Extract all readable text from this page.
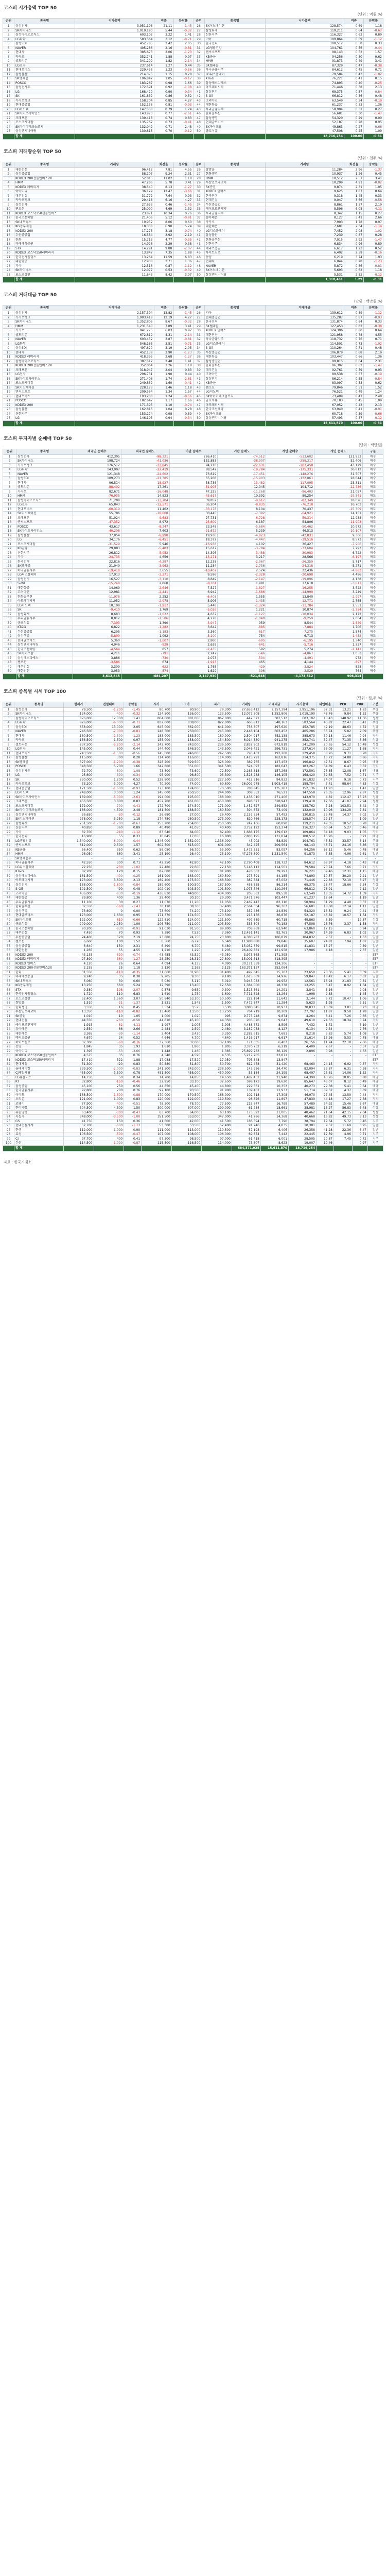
코스피 시가총액 TOP 50
(단위 : 억원,%)
순위	종목명	시가총액	비중	등락률	순위	종목명	시가총액	비중	등락률
1	삼성전자	3,951,196	21.11	-1.45	26	SK이노베이션	128,574	0.69	1.18
2	SK하이닉스	1,019,190	5.44	-0.32	27	삼성화재	119,211	0.64	-0.67
3	삼성바이오로직스	603,102	3.22	1.41	28	신한지주	116,327	0.62	0.89
4	LG화학	583,564	3.12	-0.71	29	기아	109,864	0.59	-1.12
5	삼성SDI	452,785	2.42	2.05	30	한국전력	108,512	0.58	0.33
6	NAVER	405,286	2.16	-0.81	31	LG생활건강	104,761	0.56	-0.44
7	현대차	385,673	2.06	-1.23	32	엔씨소프트	98,143	0.52	1.57
8	카카오	352,741	1.88	0.97	33	KB금융	94,256	0.50	0.62
9	셀트리온	341,209	1.82	-2.14	34	HMM	91,873	0.49	3.41
10	LG전자	237,614	1.27	0.44	35	SK텔레콤	87,329	0.47	-0.38
11	현대모비스	229,458	1.23	-0.56	36	하나금융지주	84,612	0.45	0.71
12	삼성물산	214,375	1.15	0.28	37	LG디스플레이	79,584	0.43	-1.02
13	SK텔레콤	196,842	1.05	-0.17	38	KT&G	76,221	0.41	0.15
14	POSCO	183,267	0.98	1.66	39	삼성에스디에스	74,893	0.40	-0.25
15	삼성전자우	172,591	0.92	-1.08	40	아모레퍼시픽	71,446	0.38	2.13
16	LG	168,420	0.90	-0.34	41	삼성전기	69,375	0.37	-0.84
17	SK	161,832	0.86	0.52	42	S-Oil	66,812	0.36	0.48
18	카카오뱅크	158,704	0.85	4.27	43	고려아연	63,549	0.34	-0.19
19	현대중공업	152,136	0.81	-0.93	44	대한항공	61,237	0.33	1.36
20	LG이노텍	147,558	0.79	1.24	45	우리금융지주	58,904	0.31	0.27
21	SK바이오사이언스	143,970	0.77	-2.61	46	한화솔루션	56,681	0.30	-1.47
22	크래프톤	139,418	0.74	0.83	47	삼성생명	54,320	0.29	0.00
23	포스코케미칼	135,762	0.73	-0.41	48	현대글로비스	52,187	0.28	0.95
24	SK아이이테크놀로지	132,049	0.71	2.48	49	SK바이오팜	49,863	0.27	-0.66
25	삼성엔지니어링	130,815	0.70	-0.12	50	금호석유	47,508	0.25	1.09
	합 계						18,716,254	100.00	-0.31
코스피 거래량순위 TOP 50
(단위 : 천주,%)
순위	종목명	거래량	회전율	등락률	순위	종목명	거래량	회전율	등락률
1	대한전선	96,412	7.81	4.55	26	쌍방울	11,284	2.96	-1.37
2	삼성중공업	58,207	9.24	2.31	27	한화생명	10,937	1.26	0.45
3	KODEX 200선물인버스2X	52,815	11.02	1.18	28	HMM	10,512	2.57	3.41
4	HMM	47,266	5.78	3.41	29	두산인프라코어	10,209	4.91	-0.82
5	KODEX 레버리지	38,540	8.13	-1.27	30	SK증권	9,874	2.31	1.05
6	이아이디	36,129	12.47	-3.66	31	KODEX 인버스	9,625	1.87	0.64
7	대우건설	31,772	7.64	0.93	32	한국전력	9,318	1.45	0.33
8	카카오뱅크	29,418	6.16	4.27	33	현대건설	9,047	3.66	-0.58
9	삼성전자	27,653	0.46	-1.45	34	두산중공업	8,861	1.57	2.19
10	팬오션	25,090	4.69	1.52	35	에이프로젠제약	8,596	6.05	-4.11
11	KODEX 코스닥150선물인버스	23,871	10.34	0.76	36	우리금융지주	8,342	1.15	0.27
12	한국조선해양	21,406	5.12	-0.91	37	흥아해운	8,127	3.41	2.66
13	SK네트웍스	19,952	8.06	0.60	38	카카오	7,903	1.78	0.97
14	KG동부제철	18,338	6.90	5.24	39	대한해운	7,681	2.34	-1.14
15	KODEX 200	17,275	3.18	-0.74	40	LG디스플레이	7,452	2.08	-1.02
16	두산중공업	16,584	3.92	2.19	41	삼성물산	7,239	0.87	0.28
17	한화	15,713	4.77	-0.35	42	한화솔루션	7,015	2.92	-1.47
18	미래에셋증권	14,926	2.29	0.38	43	신한지주	6,834	0.96	0.89
19	STX	14,291	9.88	-2.07	44	메리츠증권	6,617	1.23	0.52
20	KODEX 코스닥150레버리지	13,847	7.35	1.88	45	하이트진로	6,402	2.59	-0.16
21	한국전자홀딩스	13,264	11.59	6.83	46	동양	6,219	3.74	1.93
22	대한항공	12,908	3.71	1.36	47	현대차	6,044	0.28	-1.23
23	기아	12,516	0.87	-1.12	48	NAVER	5,872	0.36	-0.81
24	SK하이닉스	12,077	0.53	-0.32	49	SK이노베이션	5,693	0.62	1.18
25	포스코강판	11,643	8.42	3.07	50	삼성엔지니어링	5,531	2.82	-0.12
	합 계						1,318,461	1.29	-0.31
코스피 거래대금 TOP 50
(단위 : 백만원,%)
순위	종목명	거래대금	비중	등락률	순위	종목명	거래대금	비중	등락률
1	삼성전자	2,157,394	13.82	-1.45	26	기아	139,612	0.89	-1.12
2	카카오뱅크	1,903,418	12.19	4.27	27	현대중공업	135,287	0.87	-0.93
3	SK하이닉스	1,352,806	8.67	-0.32	28	한국전력	131,874	0.84	0.33
4	HMM	1,231,540	7.89	3.41	29	SK텔레콤	127,453	0.82	-0.38
5	카카오	941,275	6.03	0.97	30	KODEX 인버스	124,306	0.80	0.64
6	셀트리온	672,819	4.31	-2.14	31	대한전선	121,958	0.78	4.55
7	NAVER	603,452	3.87	-0.81	32	하나금융지주	118,732	0.76	0.71
8	LG화학	548,163	3.51	-0.71	33	LG디스플레이	114,501	0.73	-1.02
9	삼성SDI	497,620	3.19	2.05	34	S-Oil	110,264	0.71	0.48
10	현대차	452,138	2.90	-1.23	35	두산중공업	106,879	0.68	2.19
11	KODEX 레버리지	418,395	2.68	-1.27	36	대한항공	103,447	0.66	1.36
12	삼성바이오로직스	387,512	2.48	1.41	37	삼성중공업	99,815	0.64	2.31
13	KODEX 200선물인버스2X	352,064	2.26	1.18	38	한화솔루션	96,302	0.62	-1.47
14	크래프톤	318,947	2.04	0.83	39	대우건설	92,761	0.59	0.93
15	LG전자	296,731	1.90	0.44	40	고려아연	89,538	0.57	-0.19
16	SK바이오사이언스	271,406	1.74	-2.61	41	삼성전기	86,214	0.55	-0.84
17	포스코케미칼	249,852	1.60	-0.41	42	KB금융	83,097	0.53	0.62
18	SK이노베이션	228,173	1.46	1.18	43	팬오션	79,846	0.51	1.52
19	엔씨소프트	209,564	1.34	1.57	44	LG이노텍	76,521	0.49	1.24
20	현대모비스	193,208	1.24	-0.56	45	SK아이이테크놀로지	73,409	0.47	2.48
21	POSCO	182,647	1.17	1.66	46	금호석유	70,183	0.45	1.09
22	KODEX 200	171,395	1.10	-0.74	47	아모레퍼시픽	67,052	0.43	2.13
23	삼성물산	162,816	1.04	0.28	48	한국조선해양	63,940	0.41	-0.91
24	신한지주	153,274	0.98	0.89	49	SK바이오팜	60,718	0.39	-0.66
25	LG	146,105	0.94	-0.34	50	삼성엔지니어링	57,493	0.37	-0.12
	합 계						15,611,870	100.00	-0.31
코스피 투자자별 순매매 TOP 50
(단위 : 백만원)
순위	종목명	외국인 순매수	외국인 순매도	기관 순매수	기관 순매도	개인 순매수	개인 순매도	구분
1	삼성전자	412,305	-98,221	286,410	-74,512	-513,602	121,933	매수
2	SK하이닉스	198,724	-41,036	152,883	-38,907	-259,317	52,406	매수
3	카카오뱅크	176,512	-33,845	94,216	-22,631	-203,458	43,129	매수
4	LG화학	143,907	-27,419	88,542	-19,784	-175,331	36,812	매수
5	NAVER	121,348	-24,602	73,619	-17,451	-148,276	31,507	매수
6	삼성SDI	109,273	-21,385	65,208	-15,903	-132,861	28,644	매수
7	현대차	96,514	-18,927	58,736	-13,482	-117,095	25,311	매수
8	셀트리온	-88,402	17,261	-51,903	12,045	104,712	-22,736	매도
9	카카오	82,671	-16,048	47,325	-11,268	-96,403	21,087	매수
10	HMM	-76,935	14,823	-43,617	10,392	89,254	-19,541	매도
11	삼성바이오로직스	71,208	-13,704	39,852	-9,617	-82,349	18,026	매수
12	LG전자	65,843	-12,571	36,204	-8,835	-76,218	16,703	매수
13	현대모비스	-60,319	11,462	-33,178	8,104	70,437	-15,309	매도
14	SK이노베이션	55,786	-10,608	30,445	-7,392	-64,921	14,151	매수
15	크래프톤	51,024	-9,683	27,731	-6,728	-59,314	12,938	매수
16	엔씨소프트	-47,352	8,972	-25,609	6,187	54,806	-11,903	매도
17	POSCO	43,617	-8,247	23,548	-5,684	-50,462	10,972	매수
18	SK바이오사이언스	-40,208	7,603	-21,672	5,239	46,513	-10,107	매도
19	삼성물산	37,054	-6,998	19,936	-4,823	-42,831	9,306	매수
20	LG	34,176	-6,451	18,372	-4,447	-39,516	8,573	매수
21	포스코케미칼	-31,529	5,946	-16,938	4,102	36,427	-7,906	매도
22	KB금융	29,083	-5,483	15,617	-3,784	-33,604	7,293	매수
23	신한지주	26,812	-5,052	14,396	-3,488	-30,983	6,722	매수
24	기아	-24,735	4,659	-13,271	3,217	28,566	-6,197	매도
25	한국전력	22,816	-4,297	12,238	-2,967	-26,359	5,717	매수
26	SK텔레콤	21,049	-3,963	11,284	-2,736	-24,318	5,271	매수
27	하나금융지주	-19,418	3,655	-10,407	2,524	22,436	-4,863	매도
28	LG디스플레이	17,913	-3,371	9,596	-2,328	-20,698	4,486	매수
29	삼성전기	16,527	-3,110	8,849	-2,147	-19,096	4,138	매수
30	S-Oil	-15,248	2,868	-8,161	1,981	17,618	-3,817	매도
31	대한항공	14,069	-2,646	7,527	-1,827	-16,255	3,522	매수
32	고려아연	12,981	-2,441	6,942	-1,686	-14,999	3,249	매수
33	한화솔루션	-11,978	2,252	-6,403	1,555	13,840	-2,997	매도
34	아모레퍼시픽	11,052	-2,078	5,906	-1,435	-12,771	2,765	매수
35	LG이노텍	10,198	-1,917	5,448	-1,324	-11,784	2,551	매수
36	SK	-9,410	1,769	-5,026	1,221	10,874	-2,354	매도
37	삼성화재	8,683	-1,632	4,637	-1,127	-10,034	2,172	매수
38	우리금융지주	8,012	-1,506	4,278	-1,040	-9,259	2,004	매수
39	금호석유	-7,393	1,390	-3,947	959	8,544	-1,849	매도
40	KT&G	6,822	-1,282	3,642	-885	-7,884	1,706	매수
41	두산중공업	6,295	-1,183	3,360	-817	-7,275	1,574	매수
42	삼성생명	-5,809	1,092	-3,100	754	6,713	-1,452	매도
43	현대글로비스	5,360	-1,007	2,860	-695	-6,195	1,340	매수
44	삼성엔지니어링	4,946	-929	2,639	-641	-5,716	1,237	매수
45	한국조선해양	-4,564	857	-2,435	592	5,274	-1,141	매도
46	SK바이오팜	4,211	-791	2,247	-546	-4,867	1,053	매수
47	삼성에스디에스	3,886	-730	2,073	-504	-4,491	972	매수
48	팬오션	-3,586	674	-1,913	465	4,144	-897	매도
49	대우건설	3,309	-622	1,765	-429	-3,824	828	매수
50	대한전선	3,053	-574	1,629	-396	-3,529	764	매수
	합 계	3,612,845	-684,207	2,147,930	-521,648	-4,173,512	906,314	
코스피 종목별 시세 TOP 100
(단위 : 원,주,%)
순위	종목명	현재가	전일대비	등락률	시가	고가	저가	거래량	거래대금	시가총액	외인비율	PER	PBR	구분
1	삼성전자	79,500	-1,200	-1.45	80,700	80,900	79,300	27,653,412	2,157,394	3,951,196	52.31	13.21	1.83	우량
2	SK하이닉스	124,000	-400	-0.32	124,500	126,000	123,500	12,077,308	1,352,806	1,019,190	48.76	9.84	1.52	우량
3	삼성바이오로직스	876,000	12,000	1.41	864,000	881,000	862,000	442,371	387,512	603,102	10.43	148.92	11.36	성장
4	LG화학	826,000	-6,000	-0.71	832,000	838,000	822,000	663,812	548,163	583,564	45.82	22.47	3.41	우량
5	삼성SDI	658,000	13,000	2.05	645,000	662,000	641,000	756,307	497,620	452,785	42.19	48.63	4.72	성장
6	NAVER	246,500	-2,000	-0.81	248,500	250,000	245,000	2,448,104	603,452	405,286	56.74	5.82	2.09	우량
7	현대차	180,500	-2,500	-1.23	183,000	183,500	180,000	2,504,917	452,138	385,673	30.18	11.46	0.94	가치
8	카카오	156,500	1,500	0.97	155,000	158,000	154,500	6,014,530	941,275	352,741	32.47	71.35	5.36	성장
9	셀트리온	237,500	-5,200	-2.14	242,700	243,000	236,500	2,832,902	672,819	341,209	20.65	54.12	10.48	성장
10	LG전자	145,000	600	0.44	144,400	146,500	143,500	2,046,421	296,731	237,614	33.09	11.27	1.68	가치
11	현대모비스	243,500	-1,500	-0.56	245,000	246,000	242,500	793,462	193,208	229,458	38.26	9.71	0.78	가치
12	삼성물산	115,000	300	0.28	114,700	116,000	114,000	1,415,791	162,816	214,375	13.72	14.88	0.86	가치
13	SK텔레콤	327,000	-1,200	-0.38	328,200	329,500	326,000	389,765	127,453	196,842	47.51	8.67	0.95	배당
14	POSCO	348,500	5,700	1.66	342,800	351,000	341,500	524,097	182,647	183,267	54.89	6.43	0.62	가치
15	삼성전자우	72,700	-800	-1.08	73,500	73,600	72,500	2,163,318	157,268	172,591	76.85	12.08	1.67	배당
16	LG	95,600	-300	-0.34	95,900	96,800	95,300	1,528,288	146,105	168,420	32.63	7.52	0.71	지주
17	SK	230,000	1,200	0.52	228,800	232,000	227,500	412,316	94,832	161,832	24.07	9.18	0.73	지주
18	카카오뱅크	73,200	3,000	4.27	70,200	74,000	69,800	26,002,978	1,903,418	158,704	7.41	98.64	4.83	성장
19	현대중공업	171,500	-1,600	-0.93	173,100	174,000	170,500	788,845	135,287	152,136	11.93	-	1.41	일반
20	LG이노텍	248,000	3,000	1.24	245,000	250,500	244,000	308,552	76,521	147,558	26.35	12.96	2.87	성장
21	SK바이오사이언스	189,000	-5,000	-2.61	194,000	195,000	188,000	1,436,010	271,406	143,970	4.82	112.47	15.23	성장
22	크래프톤	456,500	3,800	0.83	452,700	461,000	450,000	698,677	318,947	139,418	12.56	41.07	7.94	성장
23	포스코케미칼	172,000	-700	-0.41	172,700	174,500	171,000	1,452,627	249,852	135,762	7.28	103.51	6.42	성장
24	SK아이이테크놀로지	186,000	4,500	2.48	181,500	188,500	180,500	394,672	73,409	132,049	10.96	134.28	7.81	성장
25	삼성엔지니어링	26,650	-30	-0.12	26,680	27,000	26,400	2,157,334	57,493	130,815	25.48	14.37	3.02	일반
26	SK이노베이션	278,000	3,250	1.18	274,750	280,500	273,000	820,766	228,173	128,574	22.17	-	1.09	일반
27	삼성화재	251,500	-1,700	-0.67	253,200	254,000	250,500	242,106	60,890	119,211	49.35	10.52	0.78	배당
28	신한지주	40,850	360	0.89	40,490	41,050	40,400	3,752,122	153,274	116,327	60.64	5.27	0.46	배당
29	기아	82,700	-940	-1.12	83,640	84,000	82,400	1,688,175	139,612	109,864	34.18	9.03	1.05	가치
30	한국전력	16,900	55	0.33	16,845	17,050	16,800	7,803,195	131,874	108,512	15.26	-	0.21	배당
31	LG생활건강	1,340,000	-6,000	-0.44	1,346,000	1,352,000	1,336,000	43,902	58,829	104,761	45.52	33.57	6.14	우량
32	엔씨소프트	612,000	9,500	1.57	602,500	615,000	601,000	342,425	209,564	98,143	46.71	24.16	3.86	성장
33	KB금융	56,400	350	0.62	56,050	56,700	55,900	1,473,351	83,097	94,256	67.12	5.46	0.48	배당
34	HMM	26,050	860	3.41	25,190	26,400	25,100	47,276,390	1,231,540	91,873	7.85	4.96	2.61	일반
35	SK텔레콤우	-	-	-	-	-	-	-	-	-	-	-	-	-
36	하나금융지주	42,550	300	0.71	42,250	42,800	42,100	2,790,408	118,732	84,612	68.97	4.18	0.43	배당
37	LG디스플레이	22,250	-230	-1.02	22,480	22,600	22,150	5,146,112	114,501	79,584	20.74	7.66	0.71	가치
38	KT&G	82,200	120	0.15	82,080	82,600	81,900	478,062	39,297	76,221	39.46	12.31	1.15	배당
39	삼성에스디에스	161,500	-400	-0.25	161,900	163,000	160,500	273,591	44,185	74,893	10.57	30.29	2.21	일반
40	아모레퍼시픽	173,000	3,600	2.13	169,400	175,500	168,500	387,584	67,052	71,446	29.83	72.19	3.27	성장
41	삼성전기	188,000	-1,600	-0.84	189,600	190,500	187,500	458,585	86,214	69,375	28.47	18.66	2.34	성장
42	S-Oil	102,500	490	0.48	102,010	103,500	101,500	1,075,746	110,264	66,812	78.91	-	2.12	일반
43	고려아연	436,000	-830	-0.19	436,830	440,000	434,000	205,362	89,538	63,549	18.35	14.72	1.39	가치
44	대한항공	29,800	400	1.36	29,400	30,100	29,300	3,471,376	103,447	61,237	12.64	-	1.19	일반
45	우리금융지주	11,100	30	0.27	11,070	11,200	11,050	7,487,447	83,110	58,904	31.29	4.48	0.37	배당
46	한화솔루션	37,550	-560	-1.47	38,110	38,300	37,400	2,564,634	96,302	56,681	18.68	12.14	1.11	일반
47	삼성생명	73,600	0	0.00	73,600	74,200	73,100	337,486	24,839	54,320	13.52	9.24	0.41	배당
48	현대글로비스	173,000	1,630	0.95	171,370	174,500	170,500	213,156	36,876	52,187	46.82	10.57	1.54	가치
49	SK바이오팜	122,000	-810	-0.66	122,810	124,000	121,500	497,689	60,718	49,863	6.59	-	12.87	성장
50	금호석유	209,000	2,250	1.09	206,750	211,000	205,500	335,804	70,183	47,508	28.76	3.37	1.58	가치
51	한국조선해양	90,200	-830	-0.91	91,030	91,500	89,800	708,869	63,940	63,860	17.15	-	0.94	일반
52	대우건설	7,450	70	0.93	7,380	7,520	7,360	12,451,141	92,761	30,967	14.59	6.83	1.02	일반
53	두산중공업	24,400	520	2.19	23,880	24,750	23,800	4,380,287	106,879	104,832	9.57	-	1.63	일반
54	팬오션	6,660	100	1.52	6,560	6,720	6,540	11,988,888	79,846	35,607	24.81	7.94	1.07	일반
55	삼성중공업	6,640	150	2.31	6,490	6,700	6,480	15,032,379	99,815	41,831	15.27	-	0.89	일반
56	대한전선	1,265	55	4.55	1,210	1,290	1,205	96,409,881	121,958	17,986	4.18	-	2.37	일반
57	KODEX 200	43,135	-320	-0.74	43,455	43,520	43,050	3,973,565	171,395	-	-	-	-	ETF
58	KODEX 레버리지	27,890	-360	-1.27	28,250	28,310	27,800	15,001,613	418,395	-	-	-	-	ETF
59	KODEX 인버스	4,120	26	0.64	4,094	4,135	4,090	30,171,359	124,306	-	-	-	-	ETF
60	KODEX 200선물인버스2X	2,155	25	1.18	2,130	2,165	2,125	163,371,137	352,064	-	-	-	-	ETF
61	한화	31,550	-110	-0.35	31,660	31,900	31,400	497,845	15,707	23,650	20.36	5.41	0.39	지주
62	미래에셋증권	9,240	35	0.38	9,205	9,300	9,180	1,615,369	14,926	59,847	18.42	6.17	0.62	일반
63	SK네트웍스	5,060	30	0.60	5,030	5,110	5,010	3,943,083	19,952	12,561	16.94	21.83	0.81	일반
64	KG동부제철	13,250	660	5.24	12,590	13,400	12,550	1,384,000	18,338	13,255	5.47	8.92	1.34	일반
65	STX	9,380	-198	-2.07	9,578	9,650	9,300	1,523,561	14,291	3,841	3.16	-	2.08	일반
66	한국전자홀딩스	1,720	110	6.83	1,610	1,750	1,600	7,711,628	13,264	1,998	2.83	-	1.45	일반
67	포스코강판	52,400	1,560	3.07	50,840	53,100	50,500	222,194	11,643	3,144	6.72	10.47	1.06	일반
68	쌍방울	1,510	-21	-1.37	1,531	1,545	1,500	7,472,847	11,284	5,623	1.95	-	2.51	일반
69	한화생명	3,550	16	0.45	3,534	3,575	3,530	3,080,845	10,937	30,833	13.69	3.81	0.23	배당
70	두산인프라코어	13,350	-110	-0.82	13,460	13,500	13,250	764,719	10,209	27,792	11.87	9.58	1.28	일반
71	SK증권	1,010	10	1.05	1,000	1,020	995	9,775,248	9,874	4,264	8.41	7.26	0.66	일반
72	현대건설	44,550	-260	-0.58	44,810	45,100	44,350	203,076	9,047	49,610	24.53	18.34	0.74	가치
73	에이프로젠제약	1,915	-82	-4.11	1,997	2,005	1,905	4,488,772	8,596	7,432	1.72	-	3.19	일반
74	흥아해운	2,550	66	2.66	2,484	2,590	2,480	3,187,058	8,127	6,134	2.34	-	2.76	일반
75	대한해운	3,365	-39	-1.14	3,404	3,420	3,350	2,282,615	7,681	8,218	5.83	5.74	1.08	일반
76	메리츠증권	4,670	24	0.52	4,646	4,700	4,640	1,416,917	6,617	31,614	15.26	5.53	0.78	배당
77	하이트진로	37,300	-60	-0.16	37,360	37,600	37,100	171,635	6,402	26,156	11.74	22.18	2.06	배당
78	동양	1,845	35	1.93	1,810	1,860	1,805	3,370,732	6,219	4,409	2.67	-	0.57	일반
79	이아이디	1,395	-53	-3.66	1,448	1,460	1,385	25,899,283	36,129	2,896	0.98	-	4.63	일반
80	KODEX 코스닥150선물인버스	4,575	35	0.76	4,540	4,590	4,535	5,217,705	23,871	-	-	-	-	ETF
81	KODEX 코스닥150레버리지	17,410	322	1.88	17,088	17,520	17,050	795,348	13,847	-	-	-	-	ETF
82	현대제철	51,300	420	0.83	50,880	51,800	50,700	612,478	31,420	68,460	24.15	6.92	0.37	가치
83	롯데케미칼	239,500	-2,000	-0.83	241,500	243,000	238,500	143,926	34,470	82,094	23.87	6.31	0.58	가치
84	CJ제일제당	455,000	3,500	0.78	451,500	458,000	450,000	53,184	24,199	68,497	25.61	14.06	1.32	가치
85	LG유플러스	14,750	50	0.34	14,700	14,850	14,650	1,487,452	21,940	64,399	43.26	10.85	0.88	배당
86	KT	32,800	-150	-0.46	32,950	33,100	32,650	598,173	19,620	85,647	43.07	8.12	0.49	배당
87	삼성증권	45,100	250	0.56	44,850	45,400	44,800	229,561	10,353	40,273	29.38	5.41	0.64	배당
88	한국금융지주	92,800	700	0.76	92,100	93,500	91,900	139,407	12,937	51,714	39.52	4.37	0.69	배당
89	이마트	168,500	-1,500	-0.88	170,000	170,500	168,000	102,718	17,308	46,970	27.45	13.59	0.44	가치
90	오리온	121,000	1,000	0.83	120,000	122,000	119,500	98,326	11,897	47,839	44.18	17.27	2.38	가치
91	코웨이	77,900	-400	-0.51	78,300	78,700	77,500	215,647	16,799	57,489	54.92	15.46	3.67	배당
92	한미약품	304,500	4,500	1.50	300,000	307,000	299,000	61,284	18,661	38,981	13.27	56.83	5.48	성장
93	유한양행	63,400	-300	-0.47	63,700	64,000	63,100	173,592	11,005	48,462	21.64	42.15	2.04	성장
94	녹십자	348,000	-3,500	-1.00	351,500	353,000	347,000	41,286	14,368	40,668	16.82	49.73	3.13	성장
95	GS	41,750	150	0.36	41,600	42,000	41,500	186,594	7,790	38,794	19.64	5.72	0.46	지주
96	현대건설기계	52,700	-600	-1.13	53,300	53,500	52,400	91,746	4,835	10,381	9.52	11.69	0.95	일반
97	한샘	112,000	1,000	0.90	111,000	113,000	110,500	57,193	6,406	26,358	41.28	22.36	3.47	일반
98	효성	106,500	-500	-0.47	107,000	108,000	106,000	69,874	7,442	22,445	12.59	4.96	0.71	지주
99	CJ	97,700	400	0.41	97,300	98,500	97,000	61,418	6,001	28,505	20.87	7.45	0.72	지주
100	두산	114,500	-1,000	-0.87	115,500	116,500	114,000	75,307	8,623	19,007	10.46	-	0.97	지주
	합 계							684,371,925	15,611,870	18,716,254				
자료 : 한국거래소
